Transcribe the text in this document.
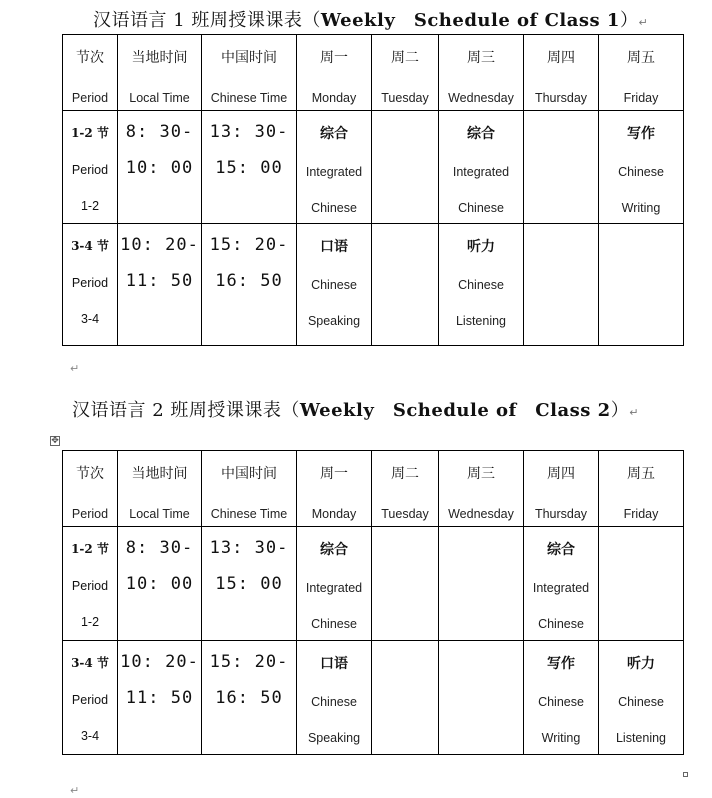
汉语语言 1 班周授课课表（Weekly　Schedule of Class 1）↵
节次
Period	当地时间
Local Time	中国时间
Chinese Time	周一
Monday	周二
Tuesday	周三
Wednesday	周四
Thursday	周五
Friday

1-2 节
Period
1-2	8: 30-
10: 00	13: 30-
15: 00	综合
Integrated
Chinese		综合
Integrated
Chinese		写作
Chinese
Writing

3-4 节
Period
3-4	10: 20-
11: 50	15: 20-
16: 50	口语
Chinese
Speaking		听力
Chinese
Listening		

↵
汉语语言 2 班周授课课表（Weekly　Schedule of　Class 2）↵
✥
节次
Period	当地时间
Local Time	中国时间
Chinese Time	周一
Monday	周二
Tuesday	周三
Wednesday	周四
Thursday	周五
Friday

1-2 节
Period
1-2	8: 30-
10: 00	13: 30-
15: 00	综合
Integrated
Chinese			综合
Integrated
Chinese	

3-4 节
Period
3-4	10: 20-
11: 50	15: 20-
16: 50	口语
Chinese
Speaking			写作
Chinese
Writing	听力
Chinese
Listening
↵
